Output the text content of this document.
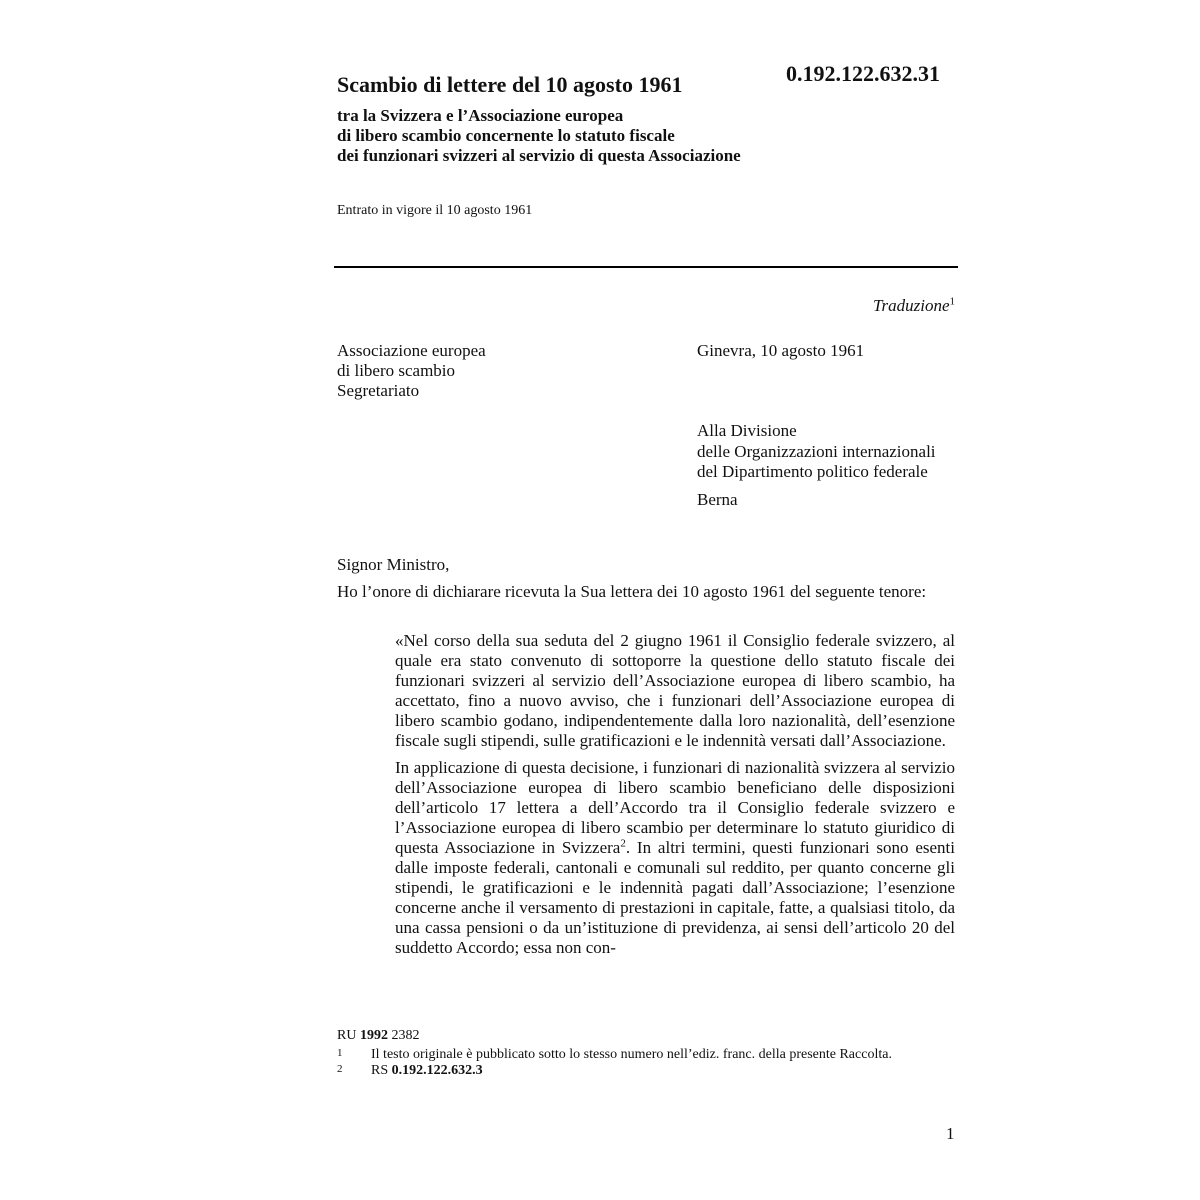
0.192.122.632.31
Scambio di lettere del 10 agosto 1961
tra la Svizzera e l’Associazione europea
di libero scambio concernente lo statuto fiscale
dei funzionari svizzeri al servizio di questa Associazione
Entrato in vigore il 10 agosto 1961
Traduzione$^1$
Associazione europea
di libero scambio
Segretariato
Ginevra, 10 agosto 1961
Alla Divisione
delle Organizzazioni internazionali
del Dipartimento politico federale
Berna
Signor Ministro,
Ho l’onore di dichiarare ricevuta la Sua lettera dei 10 agosto 1961 del seguente tenore:

«Nel corso della sua seduta del 2 giugno 1961 il Consiglio federale svizzero, al quale era stato convenuto di sottoporre la questione dello statuto fiscale dei funzionari svizzeri al servizio dell’Associazione europea di libero scambio, ha accettato, fino a nuovo avviso, che i funzionari dell’Associazione europea di libero scambio godano, indipendentemente dalla loro nazionalità, dell’esenzione fiscale sugli stipendi, sulle gratificazioni e le indennità versati dall’Associazione.

In applicazione di questa decisione, i funzionari di nazionalità svizzera al servizio dell’Associazione europea di libero scambio beneficiano delle disposizioni dell’articolo 17 lettera a dell’Accordo tra il Consiglio federale svizzero e l’Associazione europea di libero scambio per determinare lo statuto giuridico di questa Associazione in Svizzera$^2$. In altri termini, questi funzionari sono esenti dalle imposte federali, cantonali e comunali sul reddito, per quanto concerne gli stipendi, le gratificazioni e le indennità pagati dall’Associazione; l’esenzione concerne anche il versamento di prestazioni in capitale, fatte, a qualsiasi titolo, da una cassa pensioni o da un’istituzione di previdenza, ai sensi dell’articolo 20 del suddetto Accordo; essa non con-

RU 1992 2382
1	Il testo originale è pubblicato sotto lo stesso numero nell’ediz. franc. della presente Raccolta.
2	RS 0.192.122.632.3
1
